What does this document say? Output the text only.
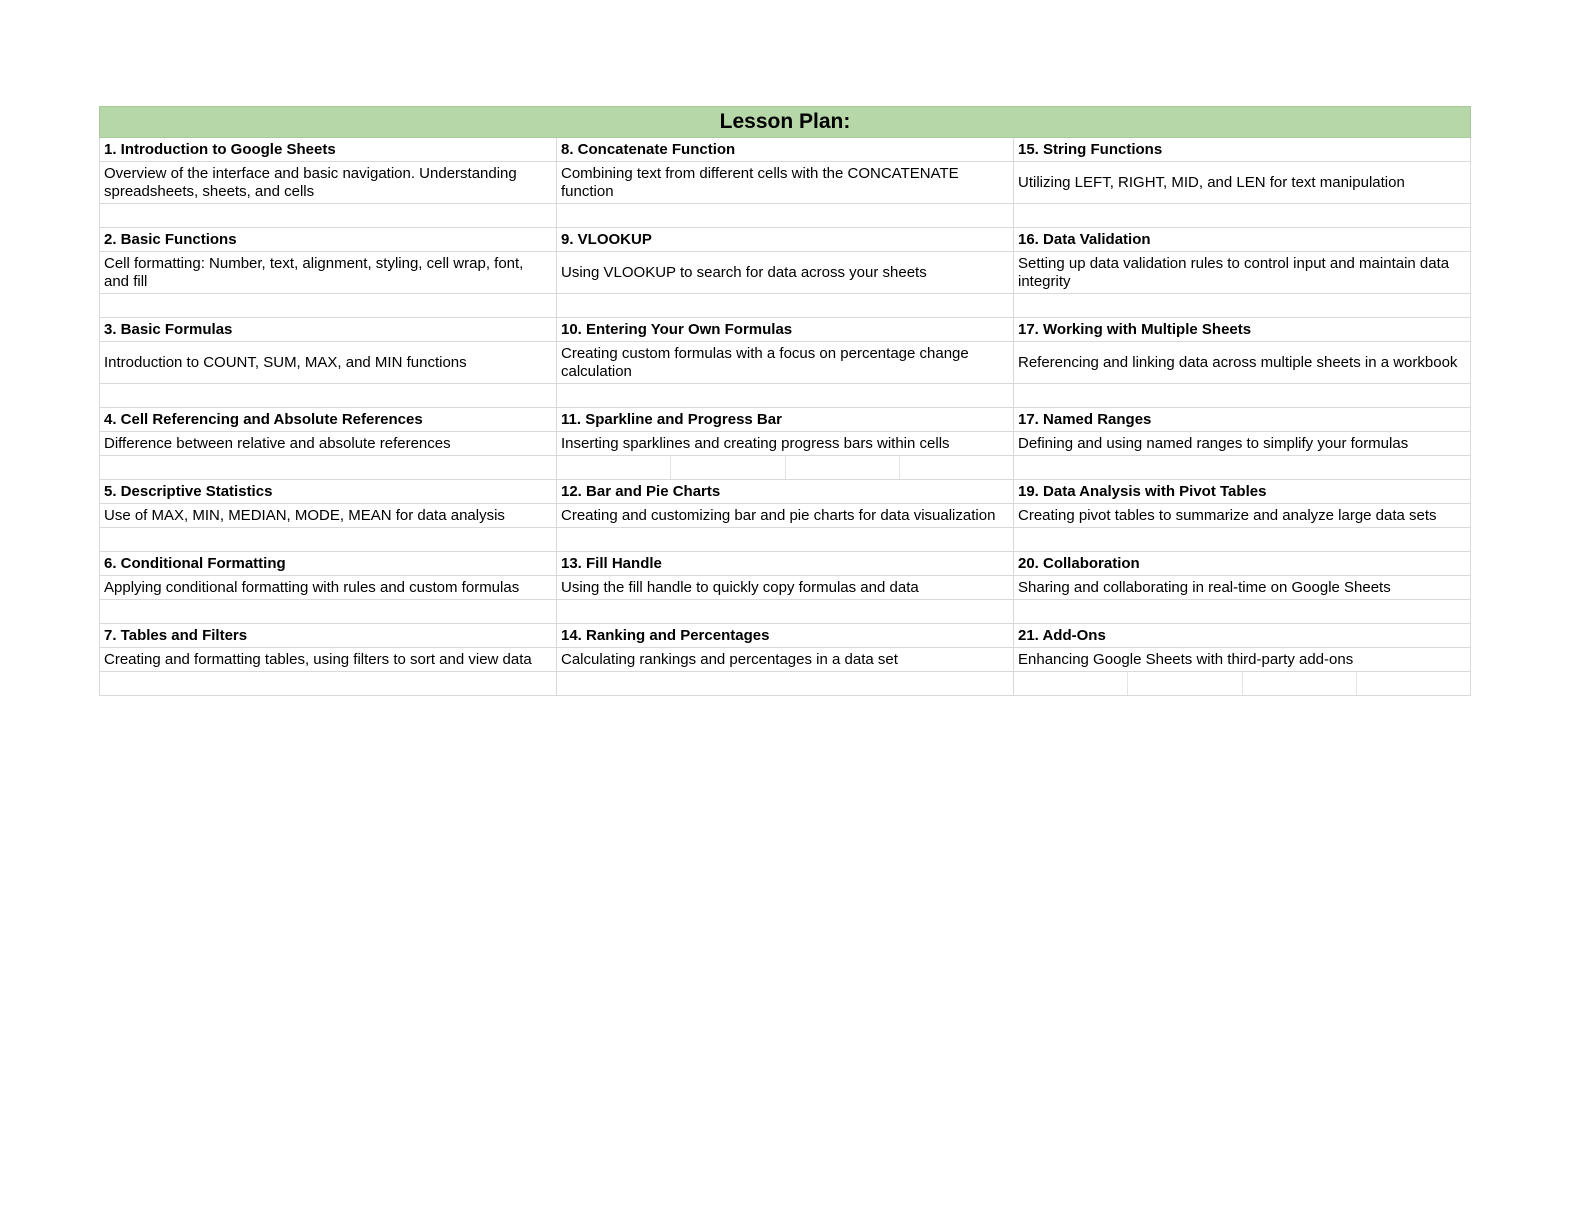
Lesson Plan:		
1. Introduction to Google Sheets	8. Concatenate Function	15. String Functions
Overview of the interface and basic navigation. Understanding spreadsheets, sheets, and cells	Combining text from different cells with the CONCATENATE function	Utilizing LEFT, RIGHT, MID, and LEN for text manipulation

2. Basic Functions	9. VLOOKUP	16. Data Validation
Cell formatting: Number, text, alignment, styling, cell wrap, font, and fill	Using VLOOKUP to search for data across your sheets	Setting up data validation rules to control input and maintain data integrity

3. Basic Formulas	10. Entering Your Own Formulas	17. Working with Multiple Sheets
Introduction to COUNT, SUM, MAX, and MIN functions	Creating custom formulas with a focus on percentage change calculation	Referencing and linking data across multiple sheets in a workbook

4. Cell Referencing and Absolute References	11. Sparkline and Progress Bar	17. Named Ranges
Difference between relative and absolute references	Inserting sparklines and creating progress bars within cells	Defining and using named ranges to simplify your formulas

5. Descriptive Statistics	12. Bar and Pie Charts	19. Data Analysis with Pivot Tables
Use of MAX, MIN, MEDIAN, MODE, MEAN for data analysis	Creating and customizing bar and pie charts for data visualization	Creating pivot tables to summarize and analyze large data sets

6. Conditional Formatting	13. Fill Handle	20. Collaboration
Applying conditional formatting with rules and custom formulas	Using the fill handle to quickly copy formulas and data	Sharing and collaborating in real-time on Google Sheets

7. Tables and Filters	14. Ranking and Percentages	21. Add-Ons
Creating and formatting tables, using filters to sort and view data	Calculating rankings and percentages in a data set	Enhancing Google Sheets with third-party add-ons
